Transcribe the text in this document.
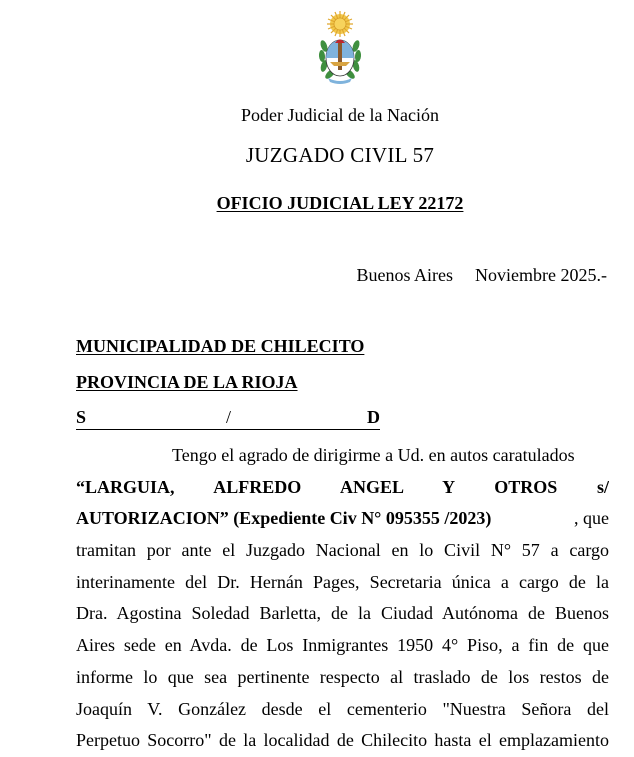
Poder Judicial de la Nación
JUZGADO CIVIL 57
OFICIO JUDICIAL LEY 22172
Buenos Aires Noviembre 2025.-
MUNICIPALIDAD DE CHILECITO
PROVINCIA DE LA RIOJA
S	/	D
Tengo el agrado de dirigirme a Ud. en autos caratulados
“LARGUIA, ALFREDO ANGEL Y OTROS s/
AUTORIZACION” (Expediente Civ N° 095355 /2023)	, que
tramitan por ante el Juzgado Nacional en lo Civil N° 57 a cargo
interinamente del Dr. Hernán Pages, Secretaria única a cargo de la
Dra. Agostina Soledad Barletta, de la Ciudad Autónoma de Buenos
Aires sede en Avda. de Los Inmigrantes 1950 4° Piso, a fin de que
informe lo que sea pertinente respecto al traslado de los restos de
Joaquín V. González desde el cementerio "Nuestra Señora del
Perpetuo Socorro" de la localidad de Chilecito hasta el emplazamiento
